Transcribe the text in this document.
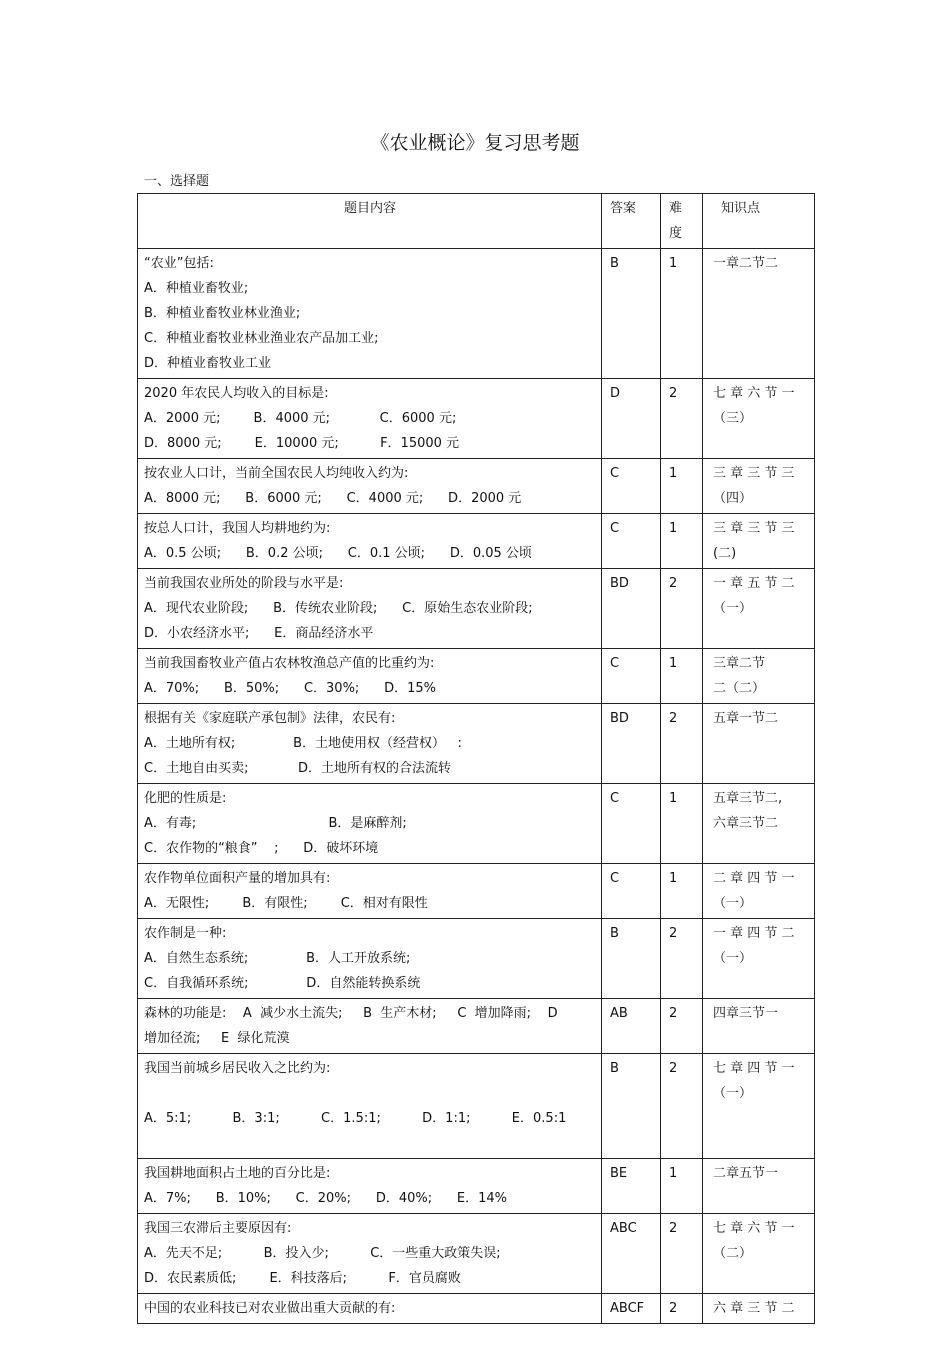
《农业概论》复习思考题
一、选择题
题目内容	答案	难
度	知识点

“农业”包括:
A．种植业畜牧业;
B．种植业畜牧业林业渔业;
C．种植业畜牧业林业渔业农产品加工业;
D．种植业畜牧业工业	B	1	一章二节二

2020 年农民人均收入的目标是:
A．2000 元;        B．4000 元;            C．6000 元;
D．8000 元;        E．10000 元;          F．15000 元	D	2	七 章 六 节 一
（三）

按农业人口计，当前全国农民人均纯收入约为:
A．8000 元;      B．6000 元;      C．4000 元;      D．2000 元	C	1	三 章 三 节 三
（四）

按总人口计，我国人均耕地约为:
A．0.5 公顷;      B．0.2 公顷;      C．0.1 公顷;      D．0.05 公顷	C	1	三 章 三 节 三
(二)

当前我国农业所处的阶段与水平是:
A．现代农业阶段;      B．传统农业阶段;      C．原始生态农业阶段;
D．小农经济水平;      E．商品经济水平	BD	2	一 章 五 节 二
（一）

当前我国畜牧业产值占农林牧渔总产值的比重约为:
A．70%;      B．50%;      C．30%;      D．15%	C	1	三章二节
二（二）

根据有关《家庭联产承包制》法律，农民有:
A．土地所有权;              B．土地使用权（经营权）   :
C．土地自由买卖;            D．土地所有权的合法流转	BD	2	五章一节二

化肥的性质是:
A．有毒;                                B．是麻醉剂;
C．农作物的“粮食”    ;      D．破坏环境	C	1	五章三节二,
六章三节二

农作物单位面积产量的增加具有:
A．无限性;        B．有限性;        C．相对有限性	C	1	二 章 四 节 一
（一）

农作制是一种:
A．自然生态系统;              B．人工开放系统;
C．自我循环系统;              D．自然能转换系统	B	2	一 章 四 节 二
（一）

森林的功能是:    A  减少水土流失;     B  生产木材;     C  增加降雨;    D
增加径流;     E  绿化荒漠	AB	2	四章三节一

我国当前城乡居民收入之比约为:

A．5:1;          B．3:1;          C．1.5:1;          D．1:1;          E．0.5:1	B	2	七 章 四 节 一
（一）

我国耕地面积占土地的百分比是:
A．7%;      B．10%;      C．20%;      D．40%;      E．14%	BE	1	二章五节一

我国三农滞后主要原因有:
A．先天不足;          B．投入少;          C．一些重大政策失误;
D．农民素质低;        E．科技落后;          F．官员腐败	ABC	2	七 章 六 节 一
（二）

中国的农业科技已对农业做出重大贡献的有:	ABCF	2	六 章 三 节 二
